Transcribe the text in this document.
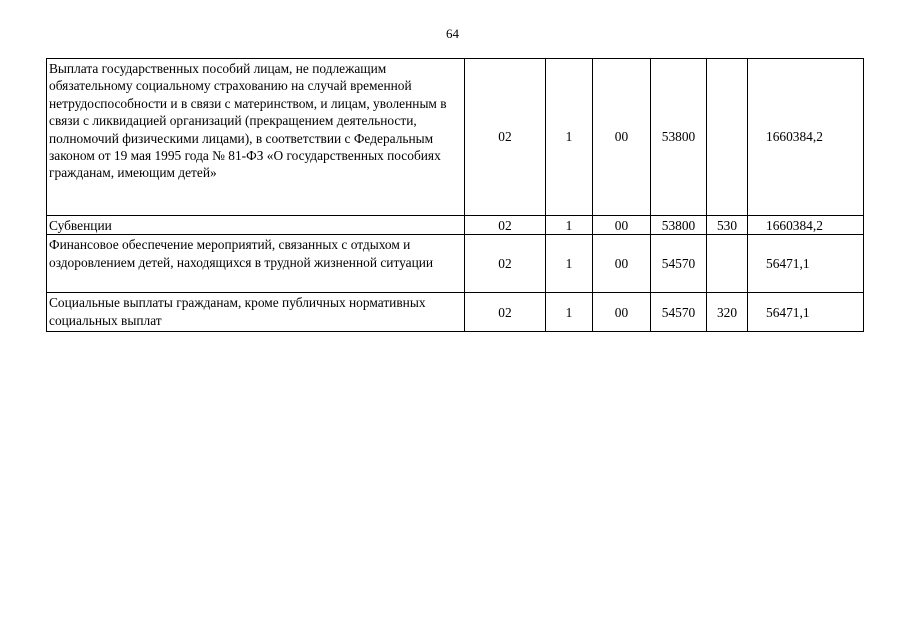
64
Выплата государственных пособий лицам, не подлежащим обязательному социальному страхованию на случай временной нетрудоспособности и в связи с материнством, и лицам, уволенным в связи с ликвидацией организаций (прекращением деятельности, полномочий физическими лицами), в соответствии с Федеральным законом от 19 мая 1995 года № 81-ФЗ «О государственных пособиях гражданам, имеющим детей»	02	1	00	53800		1660384,2
Субвенции	02	1	00	53800	530	1660384,2
Финансовое обеспечение мероприятий, связанных с отдыхом и оздоровлением детей, находящихся в трудной жизненной ситуации	02	1	00	54570		56471,1
Социальные выплаты гражданам, кроме публичных нормативных социальных выплат	02	1	00	54570	320	56471,1
